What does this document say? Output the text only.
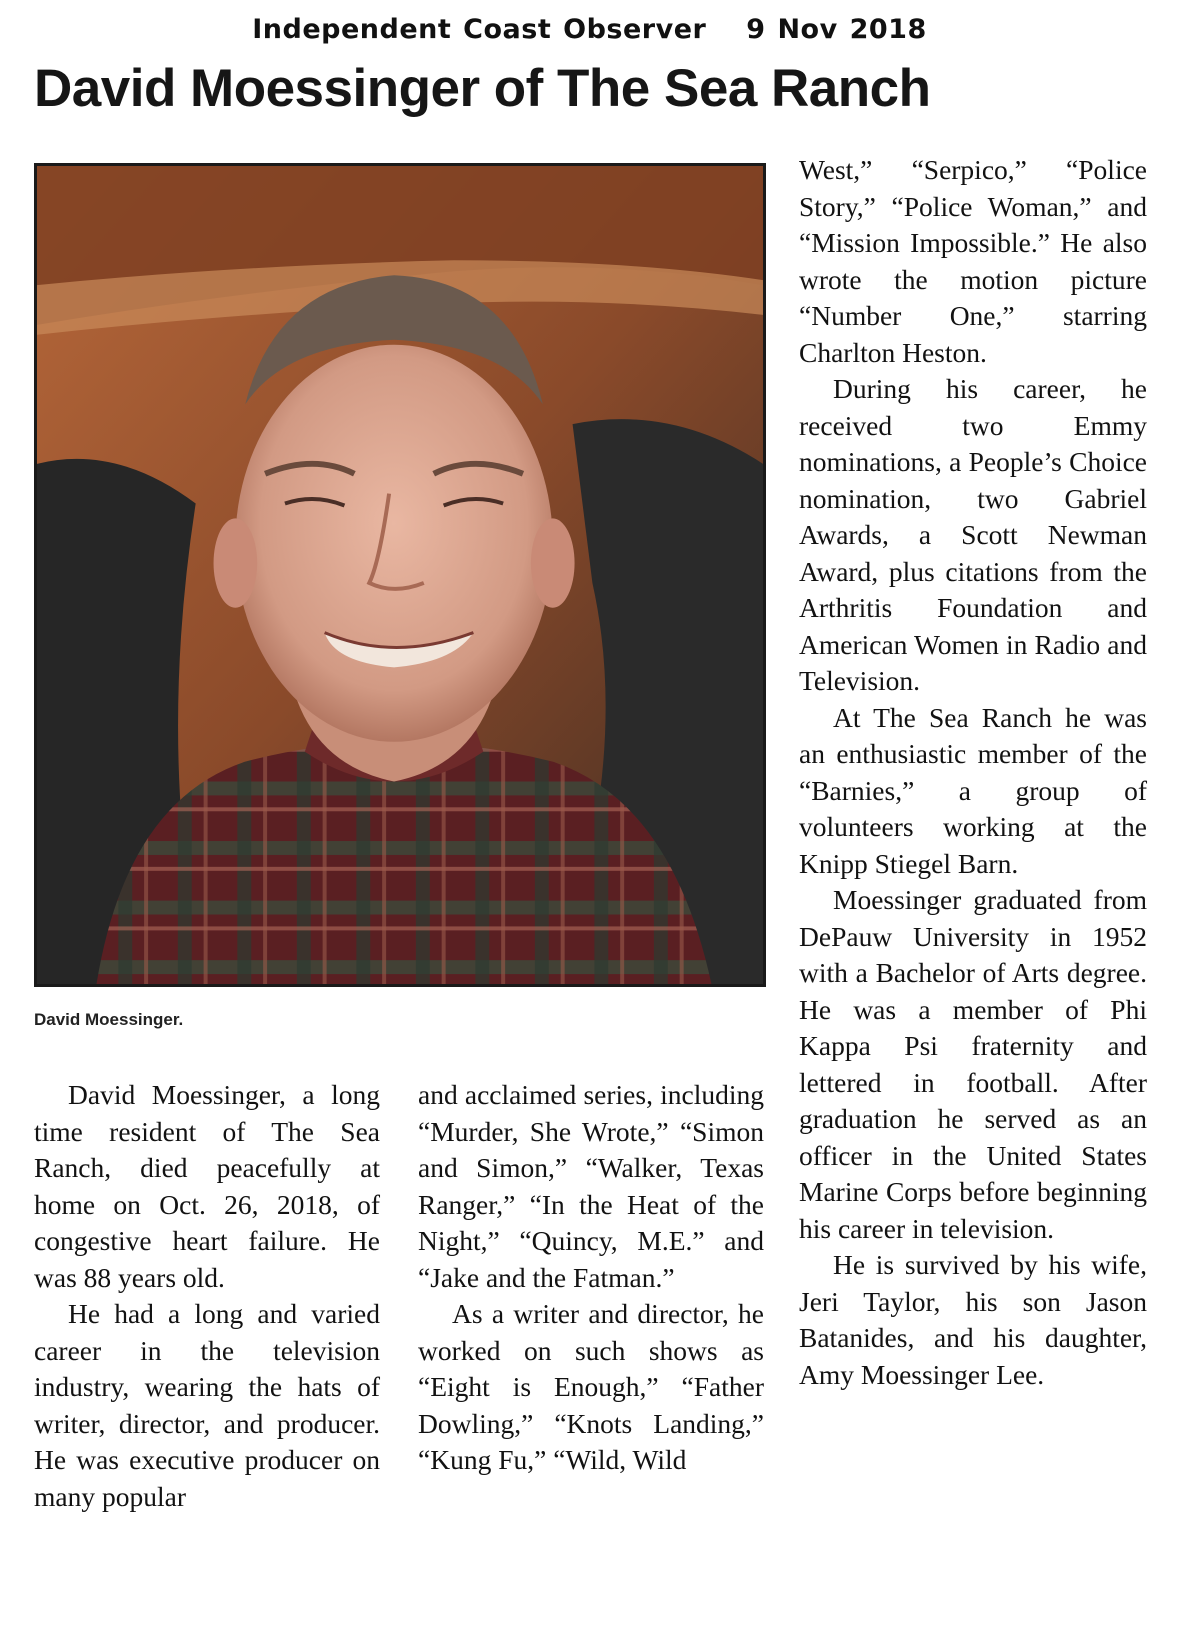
Independent Coast Observer 9 Nov 2018
David Moessinger of The Sea Ranch
David Moessinger.

David Moessinger, a long time resident of The Sea Ranch, died peacefully at home on Oct. 26, 2018, of congestive heart failure. He was 88 years old.

He had a long and varied career in the television industry, wearing the hats of writer, director, and producer. He was executive producer on many popular

and acclaimed series, including “Murder, She Wrote,” “Simon and Simon,” “Walker, Texas Ranger,” “In the Heat of the Night,” “Quincy, M.E.” and “Jake and the Fatman.”

As a writer and director, he worked on such shows as “Eight is Enough,” “Father Dowling,” “Knots Landing,” “Kung Fu,” “Wild, Wild

West,” “Serpico,” “Police Story,” “Police Woman,” and “Mission Impossible.” He also wrote the motion picture “Number One,” starring Charlton Heston.

During his career, he received two Emmy nominations, a People’s Choice nomination, two Gabriel Awards, a Scott Newman Award, plus citations from the Arthritis Foundation and American Women in Radio and Television.

At The Sea Ranch he was an enthusiastic member of the “Barnies,” a group of volunteers working at the Knipp Stiegel Barn.

Moessinger graduated from DePauw University in 1952 with a Bachelor of Arts degree. He was a member of Phi Kappa Psi fraternity and lettered in football. After graduation he served as an officer in the United States Marine Corps before beginning his career in television.

He is survived by his wife, Jeri Taylor, his son Jason Batanides, and his daughter, Amy Moessinger Lee.
